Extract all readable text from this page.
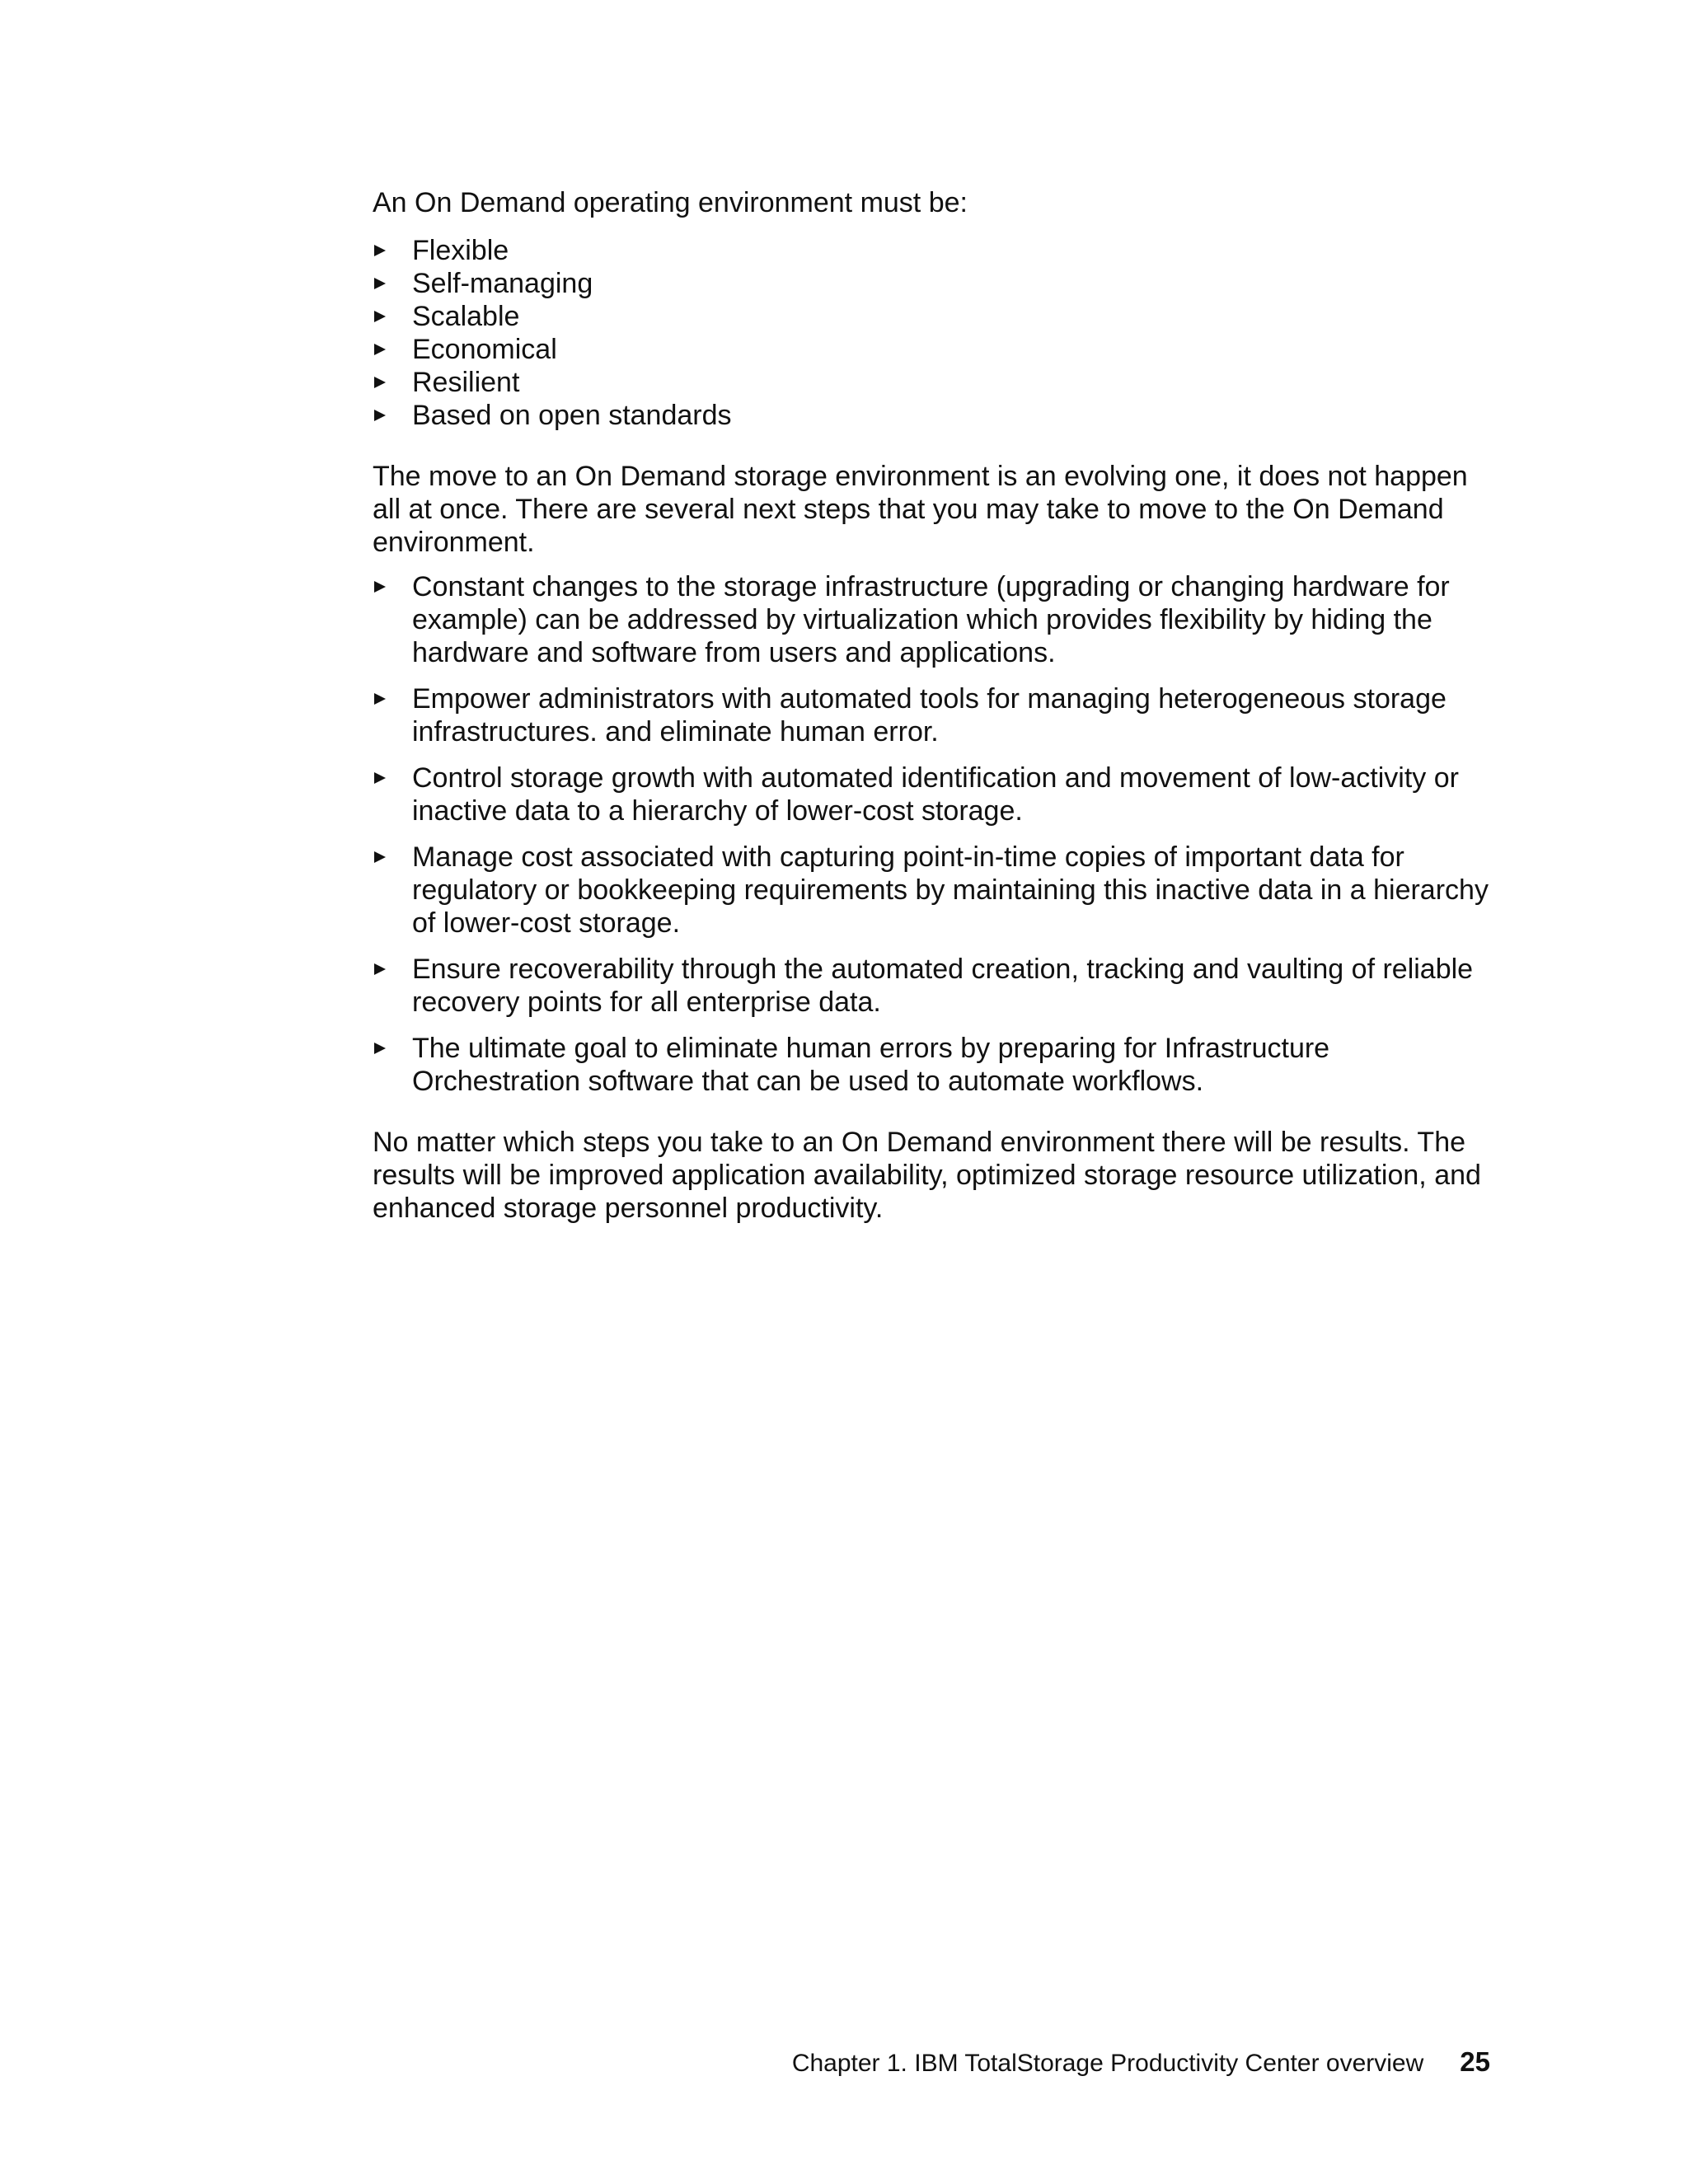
An On Demand operating environment must be:

Flexible
Self-managing
Scalable
Economical
Resilient
Based on open standards

The move to an On Demand storage environment is an evolving one, it does not happen all at once. There are several next steps that you may take to move to the On Demand environment.

Constant changes to the storage infrastructure (upgrading or changing hardware for example) can be addressed by virtualization which provides flexibility by hiding the hardware and software from users and applications.
Empower administrators with automated tools for managing heterogeneous storage infrastructures. and eliminate human error.
Control storage growth with automated identification and movement of low-activity or inactive data to a hierarchy of lower-cost storage.
Manage cost associated with capturing point-in-time copies of important data for regulatory or bookkeeping requirements by maintaining this inactive data in a hierarchy of lower-cost storage.
Ensure recoverability through the automated creation, tracking and vaulting of reliable recovery points for all enterprise data.
The ultimate goal to eliminate human errors by preparing for Infrastructure Orchestration software that can be used to automate workflows.

No matter which steps you take to an On Demand environment there will be results. The results will be improved application availability, optimized storage resource utilization, and enhanced storage personnel productivity.

Chapter 1. IBM TotalStorage Productivity Center overview 25
